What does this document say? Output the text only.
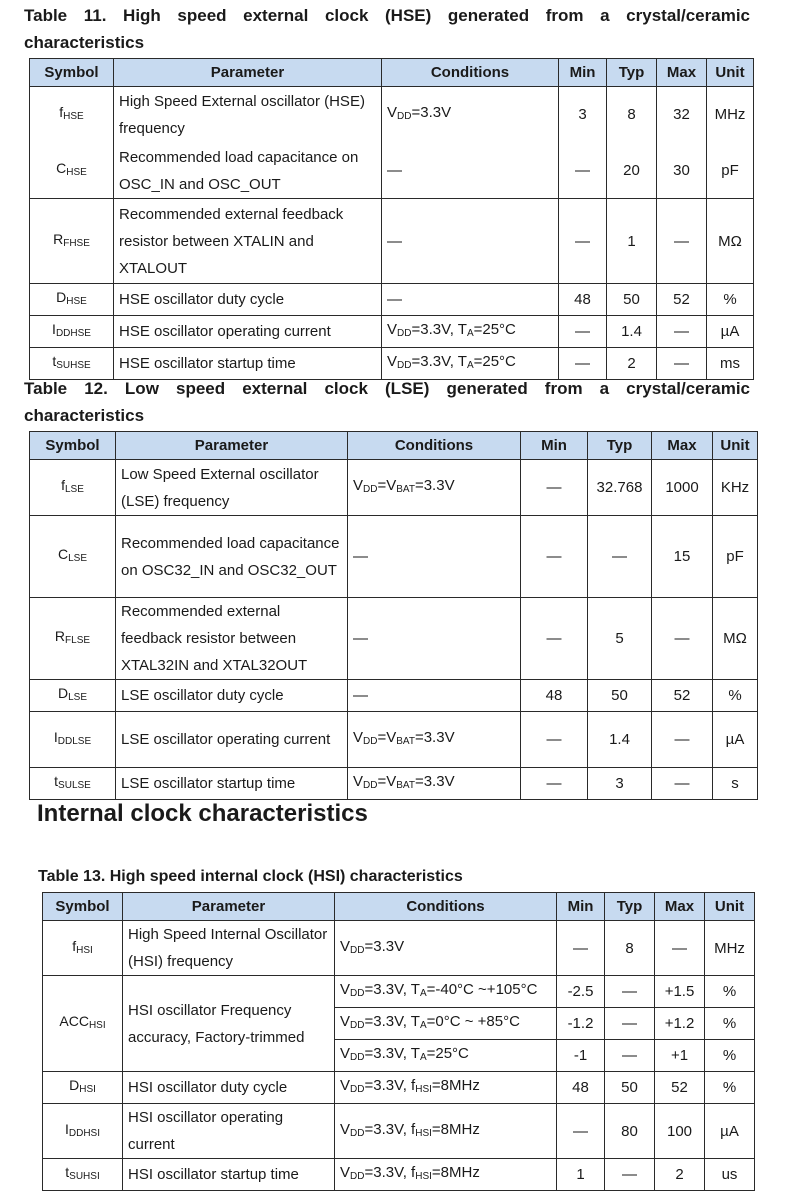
Table 11. High speed external clock (HSE) generated from a crystal/ceramic
characteristics
Symbol	Parameter	Conditions	Min	Typ	Max	Unit
$f_{HSE}$	High Speed External oscillator (HSE) frequency	$V_{DD}=3.3V$	3	8	32	MHz
$C_{HSE}$	Recommended load capacitance on OSC_IN and OSC_OUT	—	—	20	30	pF
$R_{FHSE}$	Recommended external feedback resistor between XTALIN and XTALOUT	—	—	1	—	MΩ
$D_{HSE}$	HSE oscillator duty cycle	—	48	50	52	%
$I_{DDHSE}$	HSE oscillator operating current	$V_{DD}=3.3V$, $T_A=25^\circ C$	—	1.4	—	µA
$t_{SUHSE}$	HSE oscillator startup time	$V_{DD}=3.3V$, $T_A=25^\circ C$	—	2	—	ms
Table 12. Low speed external clock (LSE) generated from a crystal/ceramic
characteristics
Symbol	Parameter	Conditions	Min	Typ	Max	Unit
$f_{LSE}$	Low Speed External oscillator (LSE) frequency	$V_{DD}=V_{BAT}=3.3V$	—	32.768	1000	KHz
$C_{LSE}$	Recommended load capacitance on OSC32_IN and OSC32_OUT	—	—	—	15	pF
$R_{FLSE}$	Recommended external feedback resistor between XTAL32IN and XTAL32OUT	—	—	5	—	MΩ
$D_{LSE}$	LSE oscillator duty cycle	—	48	50	52	%
$I_{DDLSE}$	LSE oscillator operating current	$V_{DD}=V_{BAT}=3.3V$	—	1.4	—	µA
$t_{SULSE}$	LSE oscillator startup time	$V_{DD}=V_{BAT}=3.3V$	—	3	—	s
Internal clock characteristics
Table 13. High speed internal clock (HSI) characteristics
Symbol	Parameter	Conditions	Min	Typ	Max	Unit
$f_{HSI}$	High Speed Internal Oscillator (HSI) frequency	$V_{DD}=3.3V$	—	8	—	MHz
$ACC_{HSI}$	HSI oscillator Frequency accuracy, Factory-trimmed	$V_{DD}=3.3V$, $T_A=-40^\circ C$ ~+105°C	-2.5	—	+1.5	%
		$V_{DD}=3.3V$, $T_A=0^\circ C$ ~ +85°C	-1.2	—	+1.2	%
		$V_{DD}=3.3V$, $T_A=25^\circ C$	-1	—	+1	%
$D_{HSI}$	HSI oscillator duty cycle	$V_{DD}=3.3V$, $f_{HSI}=8MHz$	48	50	52	%
$I_{DDHSI}$	HSI oscillator operating current	$V_{DD}=3.3V$, $f_{HSI}=8MHz$	—	80	100	µA
$t_{SUHSI}$	HSI oscillator startup time	$V_{DD}=3.3V$, $f_{HSI}=8MHz$	1	—	2	us
